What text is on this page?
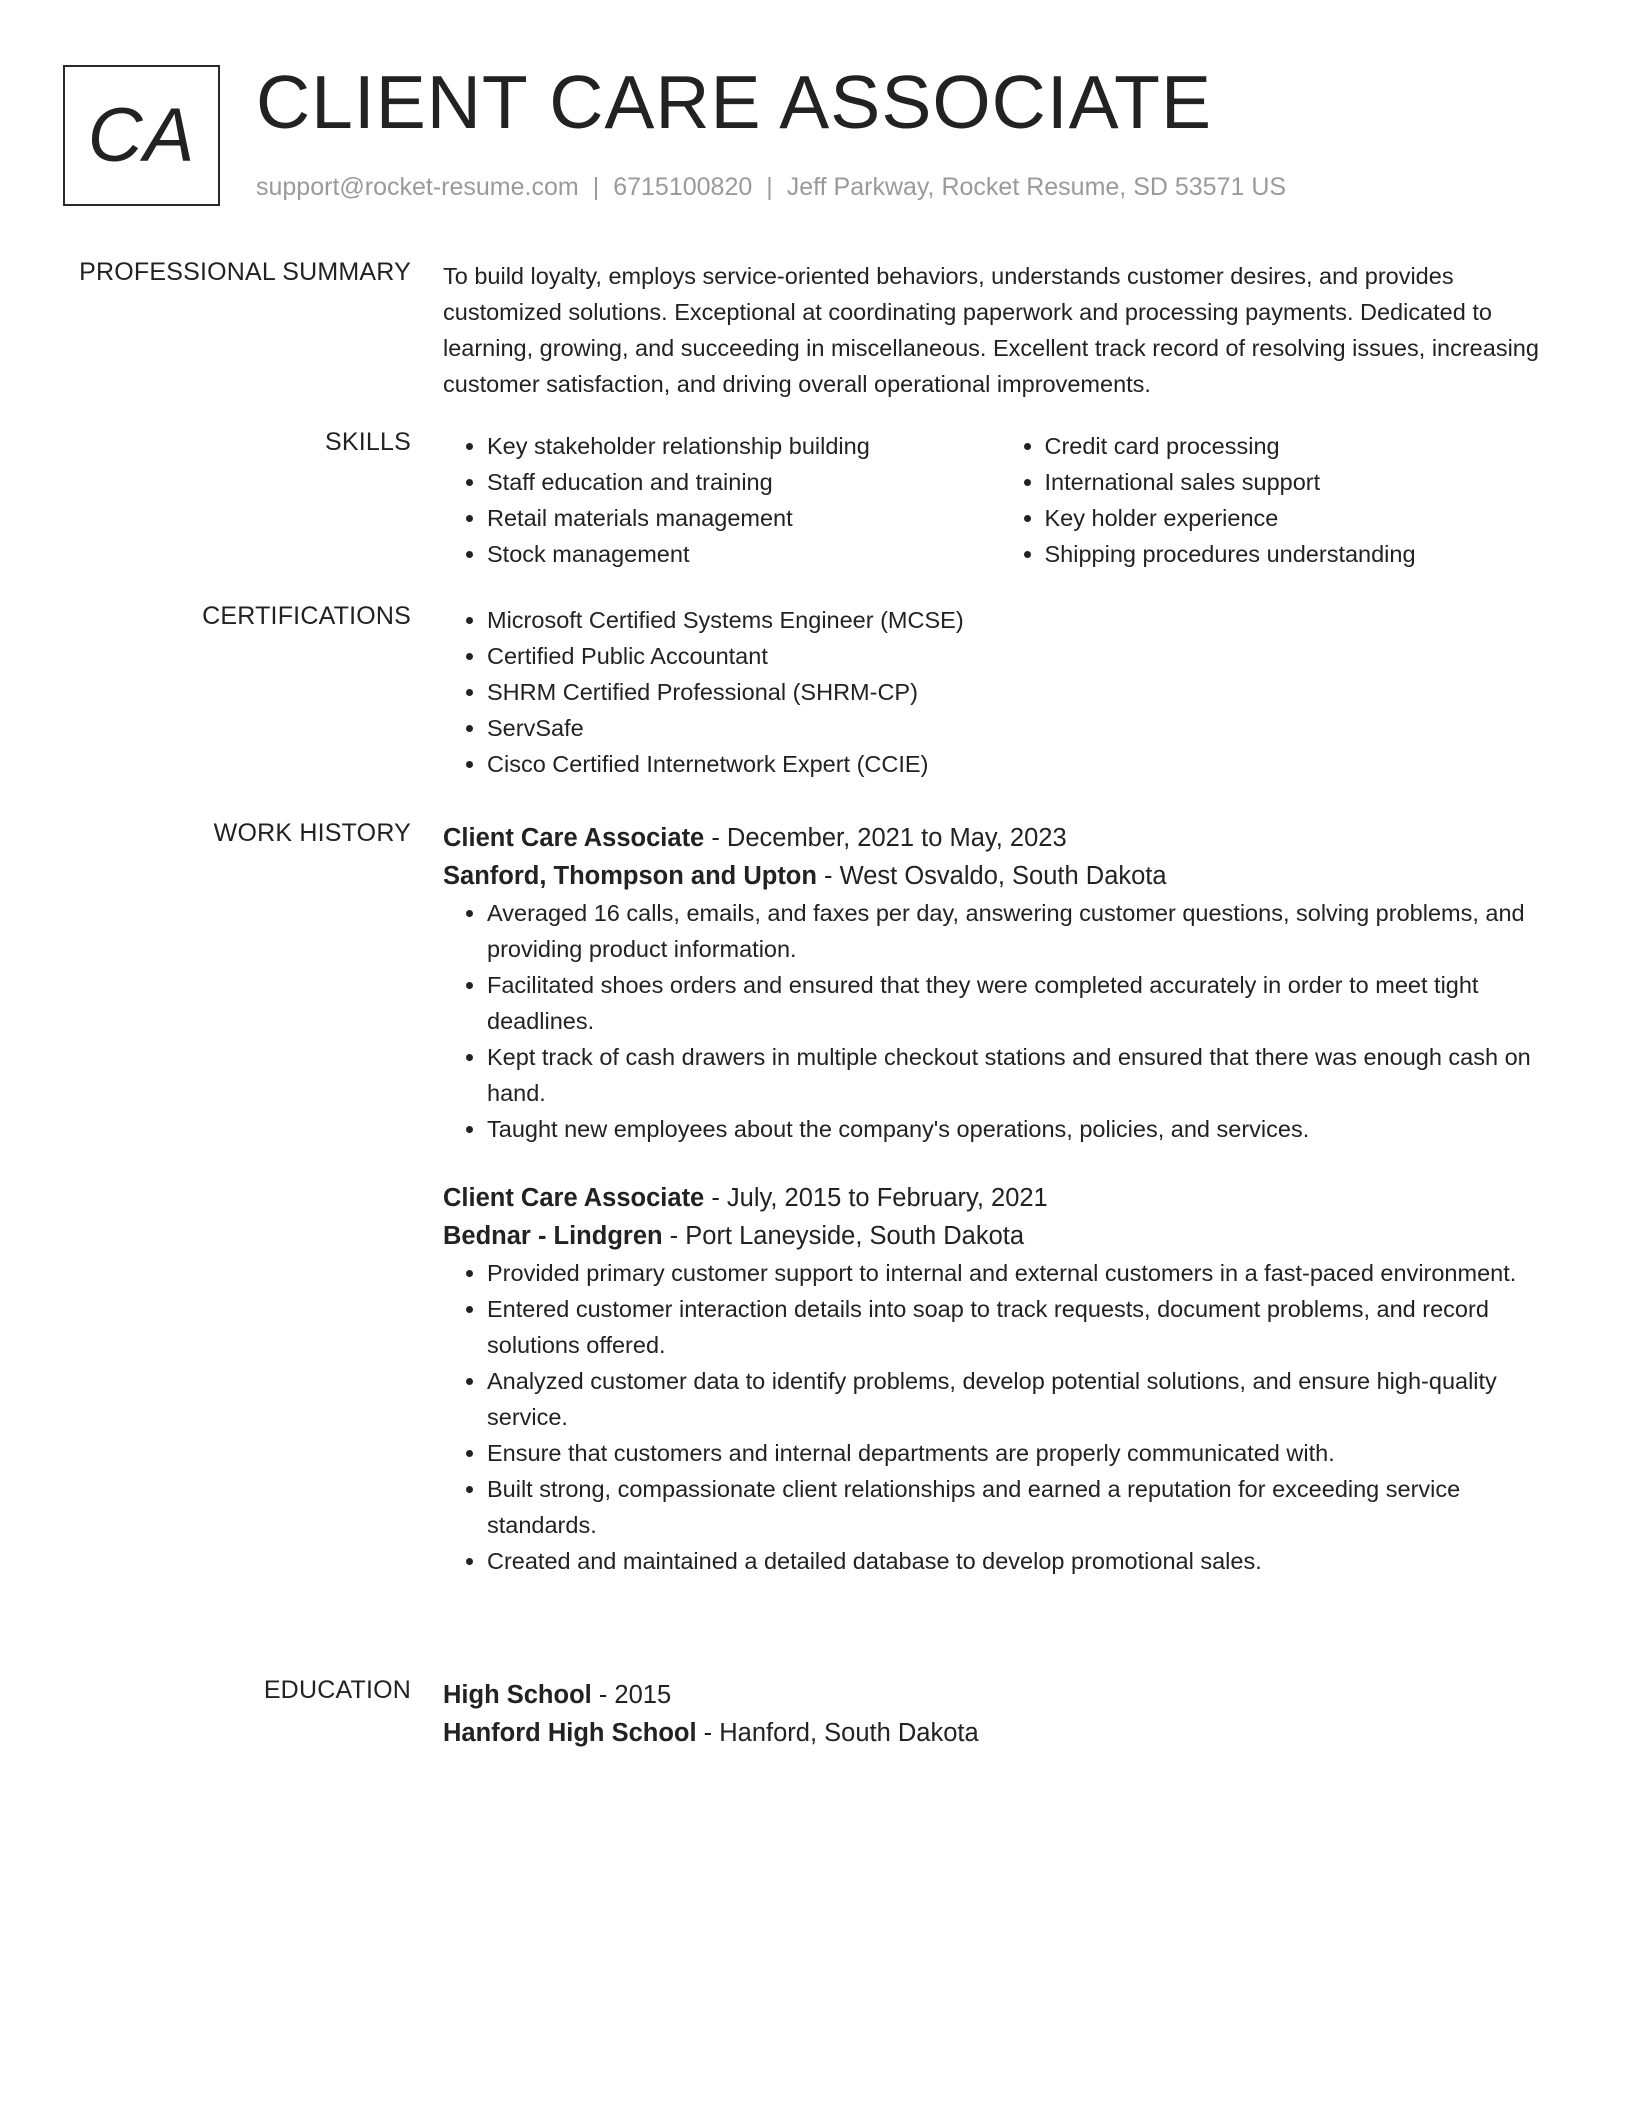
CA CLIENT CARE ASSOCIATE
support@rocket-resume.com | 6715100820 | Jeff Parkway, Rocket Resume, SD 53571 US
PROFESSIONAL SUMMARY To build loyalty, employs service-oriented behaviors, understands customer desires, and provides customized solutions. Exceptional at coordinating paperwork and processing payments. Dedicated to learning, growing, and succeeding in miscellaneous. Excellent track record of resolving issues, increasing customer satisfaction, and driving overall operational improvements.

SKILLS	• Key stakeholder relationship building
• Staff education and training
• Retail materials management
• Stock management
• Credit card processing
• International sales support
• Key holder experience
• Shipping procedures understanding
CERTIFICATIONS	• Microsoft Certified Systems Engineer (MCSE)
• Certified Public Accountant
• SHRM Certified Professional (SHRM-CP)
• ServSafe
• Cisco Certified Internetwork Expert (CCIE)
WORK HISTORY Client Care Associate - December, 2021 to May, 2023
Sanford, Thompson and Upton - West Osvaldo, South Dakota
• Averaged 16 calls, emails, and faxes per day, answering customer questions, solving problems, and providing product information.
• Facilitated shoes orders and ensured that they were completed accurately in order to meet tight deadlines.
• Kept track of cash drawers in multiple checkout stations and ensured that there was enough cash on hand.
• Taught new employees about the company's operations, policies, and services.
Client Care Associate - July, 2015 to February, 2021
Bednar - Lindgren - Port Laneyside, South Dakota
• Provided primary customer support to internal and external customers in a fast-paced environment.
• Entered customer interaction details into soap to track requests, document problems, and record solutions offered.
• Analyzed customer data to identify problems, develop potential solutions, and ensure high-quality service.
• Ensure that customers and internal departments are properly communicated with.
• Built strong, compassionate client relationships and earned a reputation for exceeding service standards.
• Created and maintained a detailed database to develop promotional sales.
EDUCATION High School - 2015
Hanford High School - Hanford, South Dakota
